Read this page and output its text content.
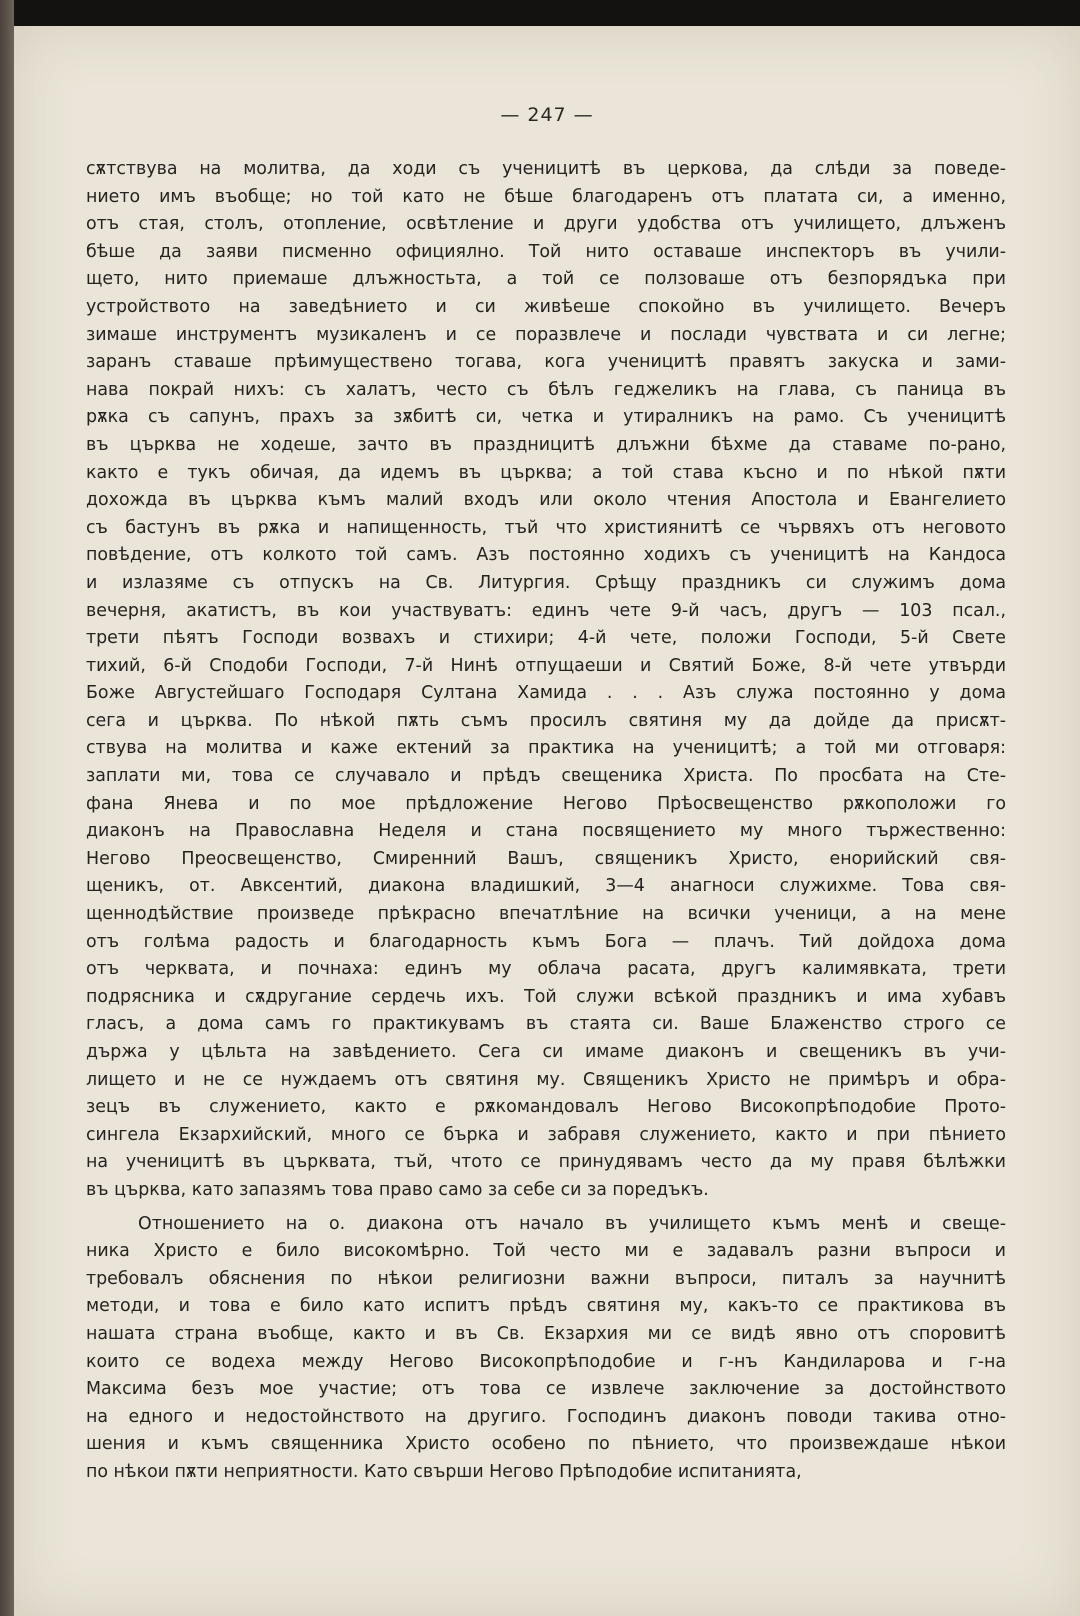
— 247 —
сѫтствува на молитва, да ходи съ ученицитѣ въ церкова, да слѣди за поведе-
нието имъ въобще; но той като не бѣше благодаренъ отъ платата си, а именно,
отъ стая, столъ, отопление, освѣтление и други удобства отъ училището, длъженъ
бѣше да заяви писменно официялно. Той нито оставаше инспекторъ въ учили-
щето, нито приемаше длъжностьта, а той се ползоваше отъ безпорядъка при
устройството на заведѣнието и си живѣеше спокойно въ училището. Вечеръ
зимаше инструментъ музикаленъ и се поразвлече и послади чувствата и си легне;
заранъ ставаше прѣимуществено тогава, кога ученицитѣ правятъ закуска и зами-
нава покрай нихъ: съ халатъ, често съ бѣлъ геджеликъ на глава, съ паница въ
рѫка съ сапунъ, прахъ за зѫбитѣ си, четка и утиралникъ на рамо. Съ ученицитѣ
въ църква не ходеше, зачто въ праздницитѣ длъжни бѣхме да ставаме по-рано,
както е тукъ обичая, да идемъ въ църква; а той става късно и по нѣкой пѫти
дохождa въ църква къмъ малий входъ или около чтения Апостола и Евангелието
съ бастунъ въ рѫка и напищенность, тъй что християнитѣ се чървяхъ отъ неговото
повѣдение, отъ колкото той самъ. Азъ постоянно ходихъ съ ученицитѣ на Кандоса
и излазяме съ отпускъ на Св. Литургия. Срѣщу праздникъ си служимъ дома
вечерня, акатистъ, въ кои участвуватъ: единъ чете 9-й часъ, другъ — 103 псал.,
трети пѣятъ Господи возвахъ и стихири; 4-й чете, положи Господи, 5-й Свете
тихий, 6-й Сподоби Господи, 7-й Нинѣ отпущаеши и Святий Боже, 8-й чете утвърди
Боже Августейшаго Господаря Султана Хамида . . . Азъ служа постоянно у дома
сега и църква. По нѣкой пѫть съмъ просилъ святиня му да дойде да присѫт-
ствува на молитва и каже ектений за практика на ученицитѣ; а той ми отговаря:
заплати ми, това се случавало и прѣдъ свещеника Христа. По просбата на Сте-
фана Янева и по мое прѣдложение Негово Прѣосвещенство рѫкоположи го
диаконъ на Православна Неделя и стана посвящението му много тържественно:
Негово Преосвещенство, Смиренний Вашъ, священикъ Христо, енорийский свя-
щеникъ, от. Авксентий, диакона владишкий, 3—4 анагноси служихме. Това свя-
щеннодѣйствие произведе прѣкрасно впечатлѣние на всички ученици, а на мене
отъ голѣма радость и благодарность къмъ Бога — плачъ. Тий дойдоха дома
отъ черквата, и почнаха: единъ му облача расата, другъ калимявката, трети
подрясника и сѫдругание сердечь ихъ. Той служи всѣкой праздникъ и има хубавъ
гласъ, а дома самъ го практикувамъ въ стаята си. Ваше Блаженство строго се
държа у цѣльта на завѣдението. Сега си имаме диаконъ и свещеникъ въ учи-
лището и не се нуждаемъ отъ святиня му. Священикъ Христо не примѣръ и обра-
зецъ въ служението, както е рѫкомандовалъ Негово Високопрѣподобие Прото-
сингела Екзархийский, много се бърка и забравя служението, както и при пѣнието
на ученицитѣ въ църквата, тъй, чтото се принудявамъ често да му правя бѣлѣжки
въ църква, като запазямъ това право само за себе си за поредъкъ.
Отношението на о. диакона отъ начало въ училището къмъ менѣ и свеще-
ника Христо е било високомѣрно. Той често ми е задавалъ разни въпроси и
требовалъ обяснения по нѣкои религиозни важни въпроси, питалъ за научнитѣ
методи, и това е било като испитъ прѣдъ святиня му, какъ-то се практикова въ
нашата страна въобще, както и въ Св. Екзархия ми се видѣ явно отъ споровитѣ
които се водеха между Негово Високопрѣподобие и г-нъ Кандиларова и г-на
Максима безъ мое участие; отъ това се извлече заключение за достойнството
на едного и недостойнството на другиго. Господинъ диаконъ поводи такива отно-
шения и къмъ священника Христо особено по пѣнието, что произвеждаше нѣкои
по нѣкои пѫти неприятности. Като свърши Негово Прѣподобие испитанията,
